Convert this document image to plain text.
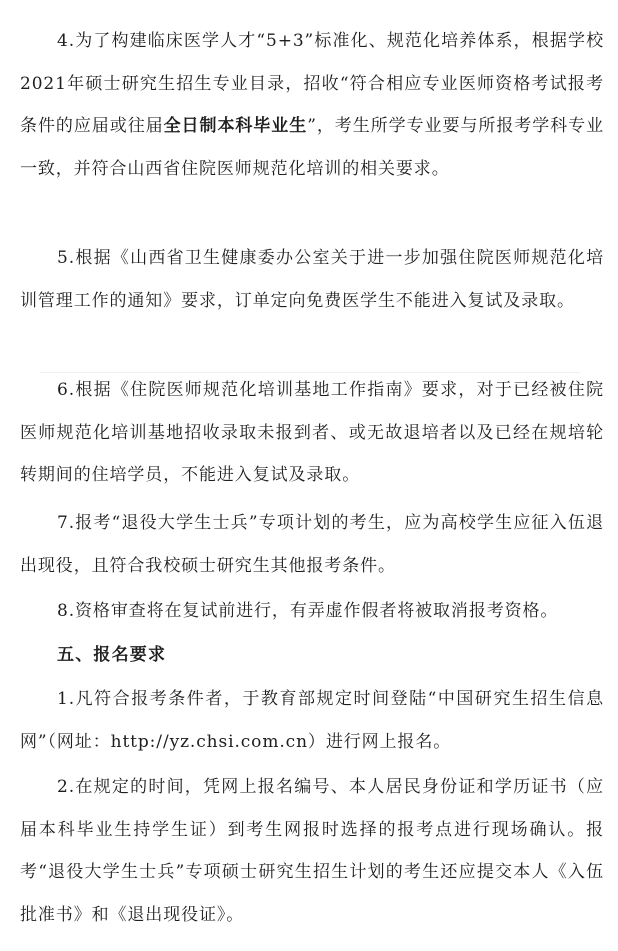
4.为了构建临床医学人才“5+3”标准化、规范化培养体系，根据学校2021年硕士研究生招生专业目录，招收“符合相应专业医师资格考试报考条件的应届或往届全日制本科毕业生”，考生所学专业要与所报考学科专业一致，并符合山西省住院医师规范化培训的相关要求。

5.根据《山西省卫生健康委办公室关于进一步加强住院医师规范化培训管理工作的通知》要求，订单定向免费医学生不能进入复试及录取。

6.根据《住院医师规范化培训基地工作指南》要求，对于已经被住院医师规范化培训基地招收录取未报到者、或无故退培者以及已经在规培轮转期间的住培学员，不能进入复试及录取。

7.报考“退役大学生士兵”专项计划的考生，应为高校学生应征入伍退出现役，且符合我校硕士研究生其他报考条件。

8.资格审查将在复试前进行，有弄虚作假者将被取消报考资格。

五、报名要求

1.凡符合报考条件者，于教育部规定时间登陆“中国研究生招生信息网”（网址：http://yz.chsi.com.cn）进行网上报名。

2.在规定的时间，凭网上报名编号、本人居民身份证和学历证书（应届本科毕业生持学生证）到考生网报时选择的报考点进行现场确认。报考“退役大学生士兵”专项硕士研究生招生计划的考生还应提交本人《入伍批准书》和《退出现役证》。
